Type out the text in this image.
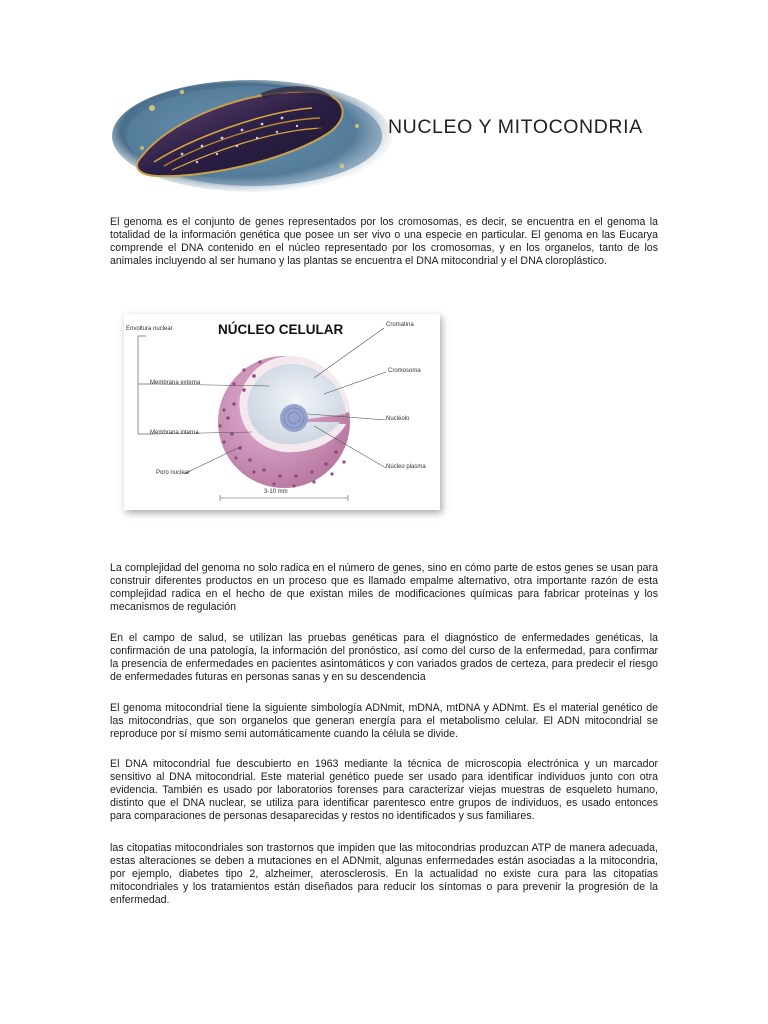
NUCLEO Y MITOCONDRIA

El genoma es el conjunto de genes representados por los cromosomas, es decir, se encuentra en el genoma la totalidad de la información genética que posee un ser vivo o una especie en particular. El genoma en las Eucarya comprende el DNA contenido en el núcleo representado por los cromosomas, y en los organelos, tanto de los animales incluyendo al ser humano y las plantas se encuentra el DNA mitocondrial y el DNA cloroplástico.

NÚCLEO CELULAR
Envoltura nuclear
Membrana externa
Membrana interna
Poro nuclear
Cromatina
Cromosoma
Nucléolo
Núcleo plasma
3-10 mm

La complejidad del genoma no solo radica en el número de genes, sino en cómo parte de estos genes se usan para construir diferentes productos en un proceso que es llamado empalme alternativo, otra importante razón de esta complejidad radica en el hecho de que existan miles de modificaciones químicas para fabricar proteínas y los mecanismos de regulación

En el campo de salud, se utilizan las pruebas genéticas para el diagnóstico de enfermedades genéticas, la confirmación de una patología, la información del pronóstico, así como del curso de la enfermedad, para confirmar la presencia de enfermedades en pacientes asintomáticos y con variados grados de certeza, para predecir el riesgo de enfermedades futuras en personas sanas y en su descendencia

El genoma mitocondrial tiene la siguiente simbología ADNmit, mDNA, mtDNA y ADNmt. Es el material genético de las mitocondrias, que son organelos que generan energía para el metabolismo celular. El ADN mitocondrial se reproduce por sí mismo semi automáticamente cuando la célula se divide.

El DNA mitocondrial fue descubierto en 1963 mediante la técnica de microscopia electrónica y un marcador sensitivo al DNA mitocondrial. Este material genético puede ser usado para identificar individuos junto con otra evidencia. También es usado por laboratorios forenses para caracterizar viejas muestras de esqueleto humano, distinto que el DNA nuclear, se utiliza para identificar parentesco entre grupos de individuos, es usado entonces para comparaciones de personas desaparecidas y restos no identificados y sus familiares.

las citopatias mitocondriales son trastornos que impiden que las mitocondrias produzcan ATP de manera adecuada, estas alteraciones se deben a mutaciones en el ADNmit, algunas enfermedades están asociadas a la mitocondria, por ejemplo, diabetes tipo 2, alzheimer, aterosclerosis. En la actualidad no existe cura para las citopatias mitocondriales y los tratamientos están diseñados para reducir los síntomas o para prevenir la progresión de la enfermedad.
